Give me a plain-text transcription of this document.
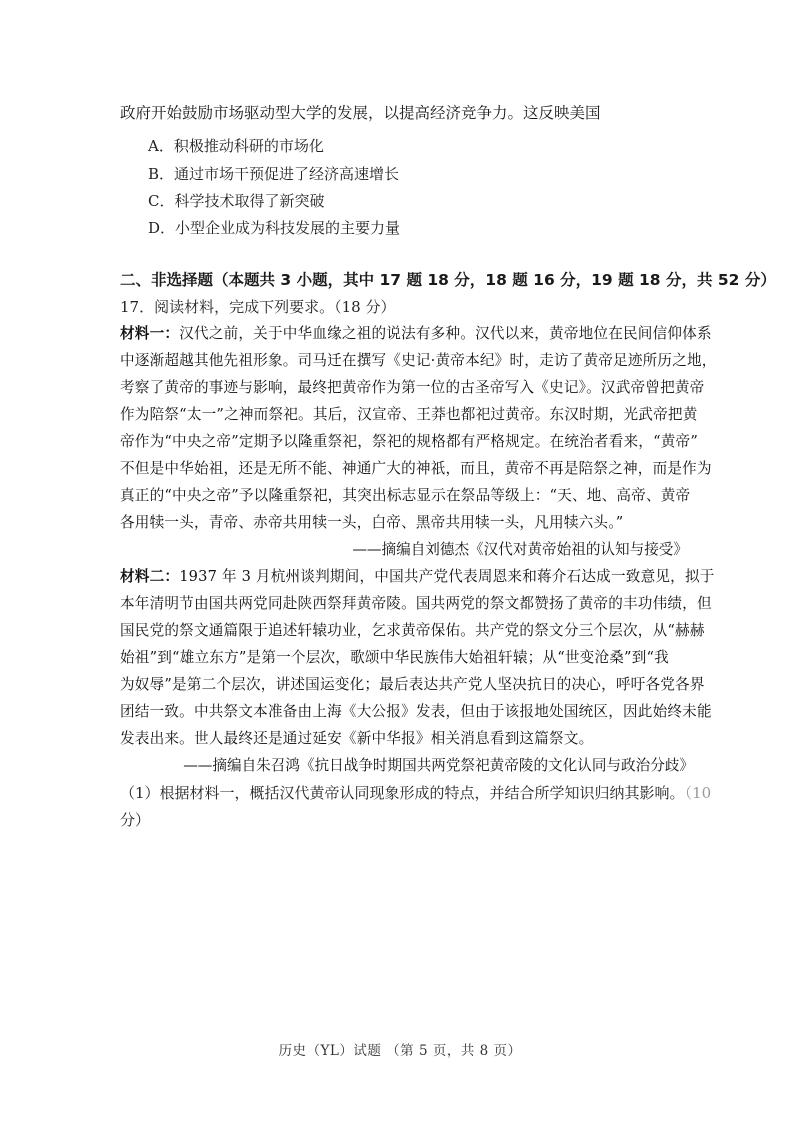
政府开始鼓励市场驱动型大学的发展，以提高经济竞争力。这反映美国
A．积极推动科研的市场化
B．通过市场干预促进了经济高速增长
C．科学技术取得了新突破
D．小型企业成为科技发展的主要力量
二、非选择题（本题共 3 小题，其中 17 题 18 分，18 题 16 分，19 题 18 分，共 52 分）
17．阅读材料，完成下列要求。（18 分）
材料一：汉代之前，关于中华血缘之祖的说法有多种。汉代以来，黄帝地位在民间信仰体系
中逐渐超越其他先祖形象。司马迁在撰写《史记·黄帝本纪》时，走访了黄帝足迹所历之地，
考察了黄帝的事迹与影响，最终把黄帝作为第一位的古圣帝写入《史记》。汉武帝曾把黄帝
作为陪祭“太一”之神而祭祀。其后，汉宣帝、王莽也都祀过黄帝。东汉时期，光武帝把黄
帝作为“中央之帝”定期予以隆重祭祀，祭祀的规格都有严格规定。在统治者看来，“黄帝”
不但是中华始祖，还是无所不能、神通广大的神祇，而且，黄帝不再是陪祭之神，而是作为
真正的“中央之帝”予以隆重祭祀，其突出标志显示在祭品等级上：“天、地、高帝、黄帝
各用犊一头，青帝、赤帝共用犊一头，白帝、黑帝共用犊一头，凡用犊六头。”
——摘编自刘德杰《汉代对黄帝始祖的认知与接受》
材料二：1937 年 3 月杭州谈判期间，中国共产党代表周恩来和蒋介石达成一致意见，拟于
本年清明节由国共两党同赴陕西祭拜黄帝陵。国共两党的祭文都赞扬了黄帝的丰功伟绩，但
国民党的祭文通篇限于追述轩辕功业，乞求黄帝保佑。共产党的祭文分三个层次，从“赫赫
始祖”到“雄立东方”是第一个层次，歌颂中华民族伟大始祖轩辕；从“世变沧桑”到“我
为奴辱”是第二个层次，讲述国运变化；最后表达共产党人坚决抗日的决心，呼吁各党各界
团结一致。中共祭文本准备由上海《大公报》发表，但由于该报地处国统区，因此始终未能
发表出来。世人最终还是通过延安《新中华报》相关消息看到这篇祭文。
——摘编自朱召鸿《抗日战争时期国共两党祭祀黄帝陵的文化认同与政治分歧》
（1）根据材料一，概括汉代黄帝认同现象形成的特点，并结合所学知识归纳其影响。（10
分）
历史（YL）试题 （第 5 页，共 8 页）
